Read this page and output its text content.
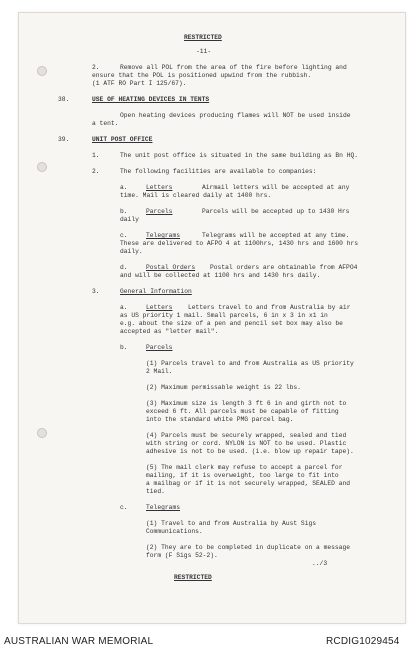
RESTRICTED
-11-
2.	Remove all POL from the area of the fire before lighting and
ensure that the POL is positioned upwind from the rubbish.
(1 ATF RO Part I 125/67).
38.	USE OF HEATING DEVICES IN TENTS
Open heating devices producing flames will NOT be used inside
a tent.
39.	UNIT POST OFFICE
1.	The unit post office is situated in the same building as Bn HQ.
2.	The following facilities are available to companies:
a.	Letters	Airmail letters will be accepted at any
time. Mail is cleared daily at 1400 hrs.
b.	Parcels	Parcels will be accepted up to 1430 Hrs
daily
c.	Telegrams	Telegrams will be accepted at any time.
These are delivered to AFPO 4 at 1100hrs, 1430 hrs and 1600 hrs
daily.
d.	Postal Orders Postal orders are obtainable from AFPO4
and will be collected at 1100 hrs and 1430 hrs daily.
3.	General Information
a.	Letters Letters travel to and from Australia by air
as US priority 1 mail. Small parcels, 6 in x 3 in x1 in
e.g. about the size of a pen and pencil set box may also be
accepted as "letter mail".
b.	Parcels
(1) Parcels travel to and from Australia as US priority
2 Mail.
(2) Maximum permissable weight is 22 lbs.
(3) Maximum size is length 3 ft 6 in and girth not to
exceed 6 ft. All parcels must be capable of fitting
into the standard white PMG parcel bag.
(4) Parcels must be securely wrapped, sealed and tied
with string or cord. NYLON is NOT to be used. Plastic
adhesive is not to be used. (i.e. blow up repair tape).
(5) The mail clerk may refuse to accept a parcel for
mailing, if it is overweight, too large to fit into
a mailbag or if it is not securely wrapped, SEALED and
tied.
c.	Telegrams
(1) Travel to and from Australia by Aust Sigs
Communications.
(2) They are to be completed in duplicate on a message
form (F Sigs 52-2).
../3
RESTRICTED
AUSTRALIAN WAR MEMORIAL	RCDIG1029454
